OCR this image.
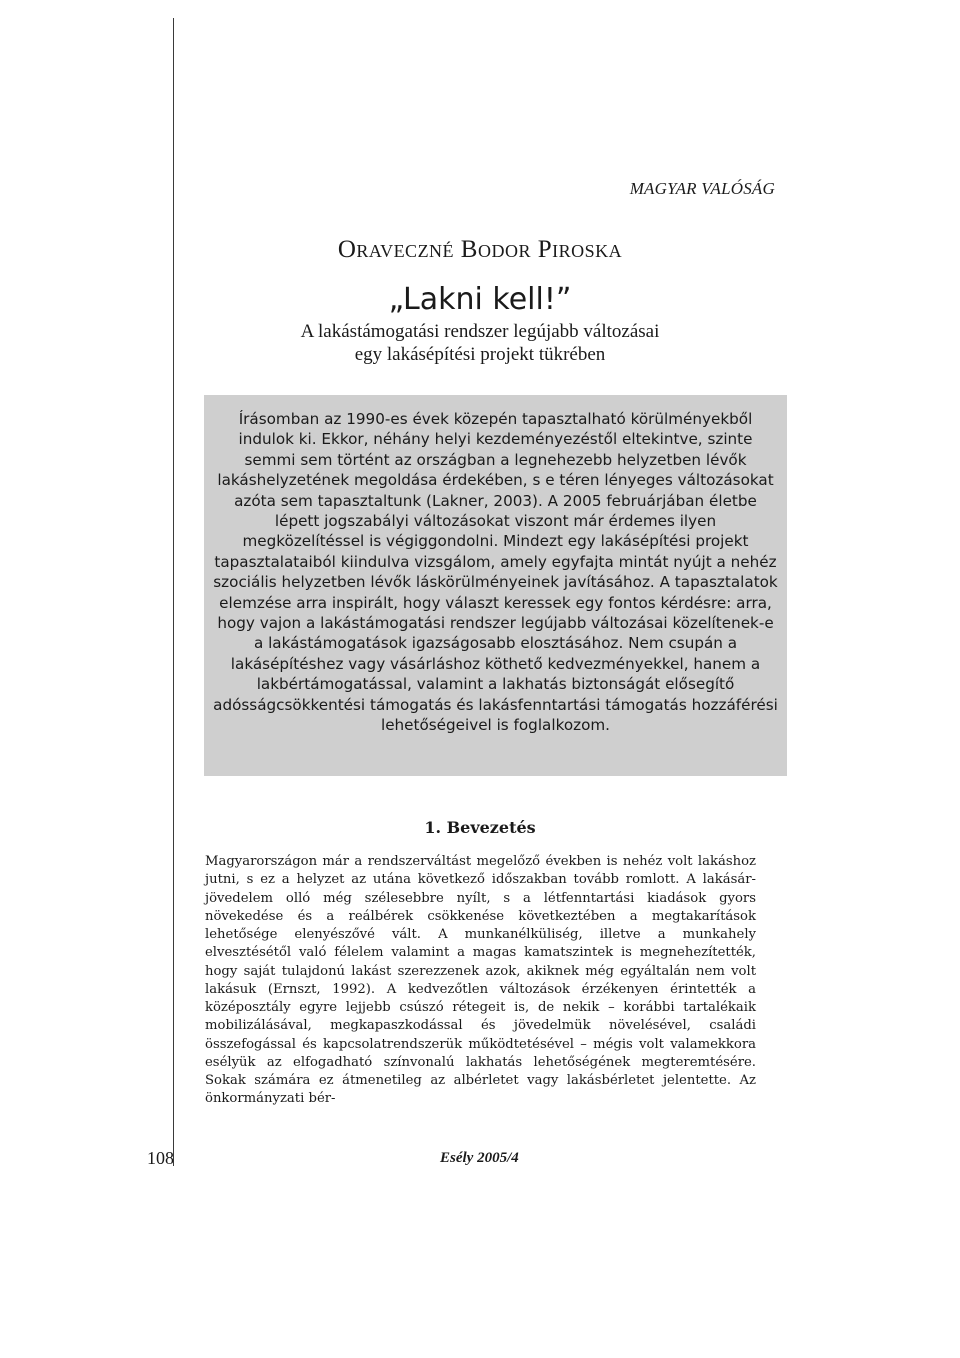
MAGYAR VALÓSÁG
Oraveczné Bodor Piroska
„Lakni kell!”
A lakástámogatási rendszer legújabb változásai
egy lakásépítési projekt tükrében

Írásomban az 1990-es évek közepén tapasztalható körülményekből indulok ki. Ekkor, néhány helyi kezdeményezéstől eltekintve, szinte semmi sem történt az országban a legnehezebb helyzetben lévők lakáshelyzetének megoldása érdekében, s e téren lényeges változásokat azóta sem tapasztaltunk (Lakner, 2003). A 2005 februárjában életbe lépett jogszabályi változásokat viszont már érdemes ilyen megközelítéssel is végiggondolni. Mindezt egy lakásépítési projekt tapasztalataiból kiindulva vizsgálom, amely egyfajta mintát nyújt a nehéz szociális helyzetben lévők láskörülményeinek javításához. A tapasztalatok elemzése arra inspirált, hogy választ keressek egy fontos kérdésre: arra, hogy vajon a lakástámogatási rendszer legújabb változásai közelítenek-e a lakástámogatások igazságosabb elosztásához. Nem csupán a lakásépítéshez vagy vásárláshoz köthető kedvezményekkel, hanem a lakbértámogatással, valamint a lakhatás biztonságát elősegítő adósságcsökkentési támogatás és lakásfenntartási támogatás hozzáférési lehetőségeivel is foglalkozom.

1. Bevezetés

Magyarországon már a rendszerváltást megelőző években is nehéz volt lakáshoz jutni, s ez a helyzet az utána következő időszakban tovább romlott. A lakásár-jövedelem olló még szélesebbre nyílt, s a létfenntartási kiadások gyors növekedése és a reálbérek csökkenése következtében a megtakarítások lehetősége elenyészővé vált. A munkanélküliség, illetve a munkahely elvesztésétől való félelem valamint a magas kamatszintek is megnehezítették, hogy saját tulajdonú lakást szerezzenek azok, akiknek még egyáltalán nem volt lakásuk (Ernszt, 1992). A kedvezőtlen változások érzékenyen érintették a középosztály egyre lejjebb csúszó rétegeit is, de nekik – korábbi tartalékaik mobilizálásával, megkapaszkodással és jövedelmük növelésével, családi összefogással és kapcsolatrendszerük működtetésével – mégis volt valamekkora esélyük az elfogadható színvonalú lakhatás lehetőségének megteremtésére. Sokak számára ez átmenetileg az albérletet vagy lakásbérletet jelentette. Az önkormányzati bér-

108	Esély 2005/4
